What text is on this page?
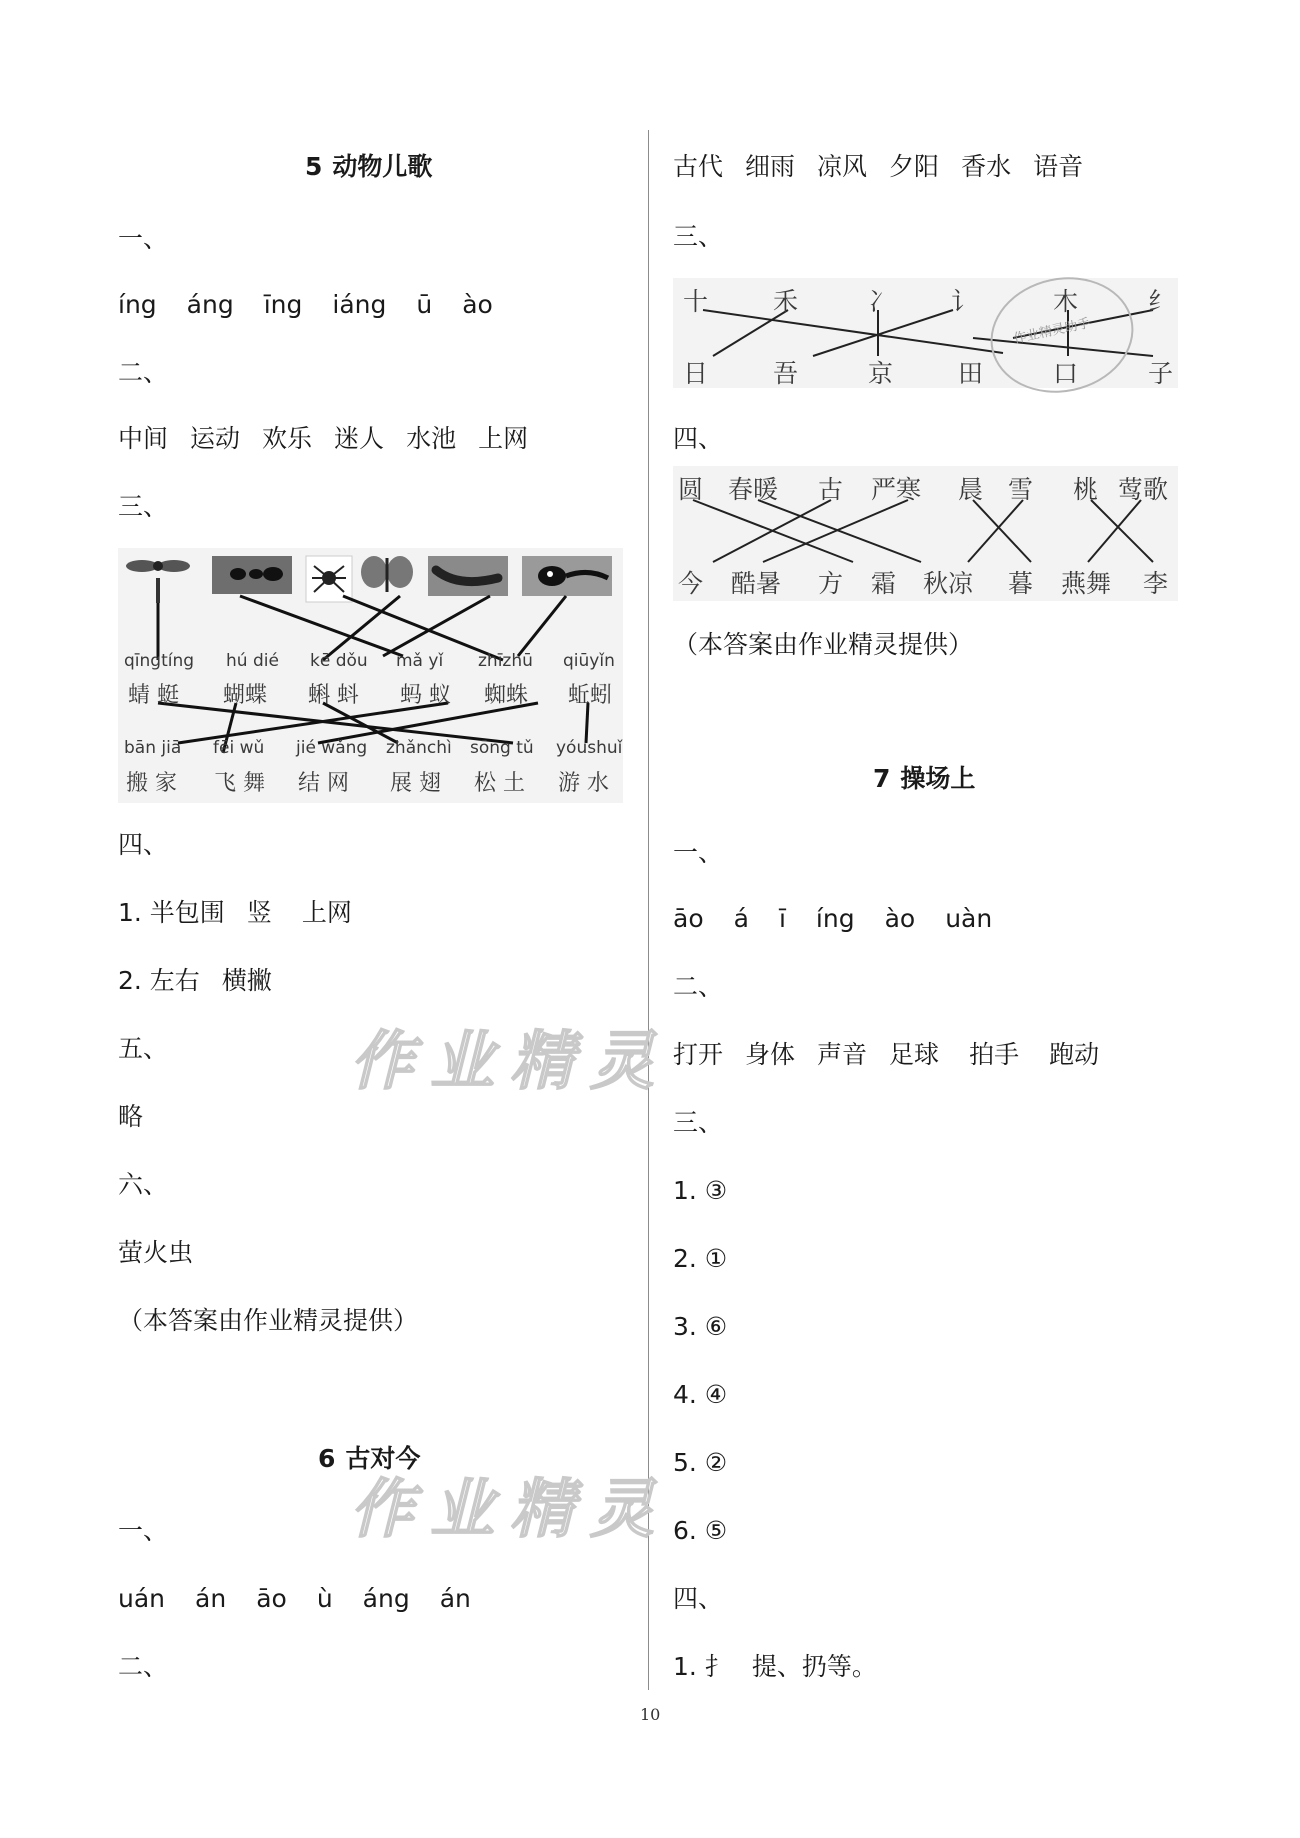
5 动物儿歌
一、
íng áng īng iáng ū ào
二、
中间 运动 欢乐 迷人 水池 上网
三、
qīngtíng hú dié kē dǒu mǎ yǐ zhīzhū qiūyǐn
蜻 蜓 蝴蝶 蝌 蚪 蚂 蚁 蜘蛛 蚯蚓
bān jiā fēi wǔ jié wǎng zhǎnchì sōng tǔ yóushuǐ
搬 家 飞 舞 结 网 展 翅 松 土 游 水
四、
1. 半包围 竖 上网
2. 左右 横撇
五、
略
六、
萤火虫
（本答案由作业精灵提供）
6 古对今
一、
uán án āo ù áng án
二、
古代 细雨 凉风 夕阳 香水 语音
三、
十	禾	冫 讠	木	纟
日	吾	京	田	口	子
四、
圆 春暖 古 严寒 晨 雪 桃 莺歌
今 酷暑 方 霜 秋凉 暮 燕舞 李
（本答案由作业精灵提供）
7 操场上
一、
āo á ī íng ào uàn
二、
打开 身体 声音 足球 拍手 跑动
三、
1. ③
2. ①
3. ⑥
4. ④
5. ②
6. ⑤
四、
1. 扌 提、扔等。
作业精灵助手
作业精灵
作业精灵
10
